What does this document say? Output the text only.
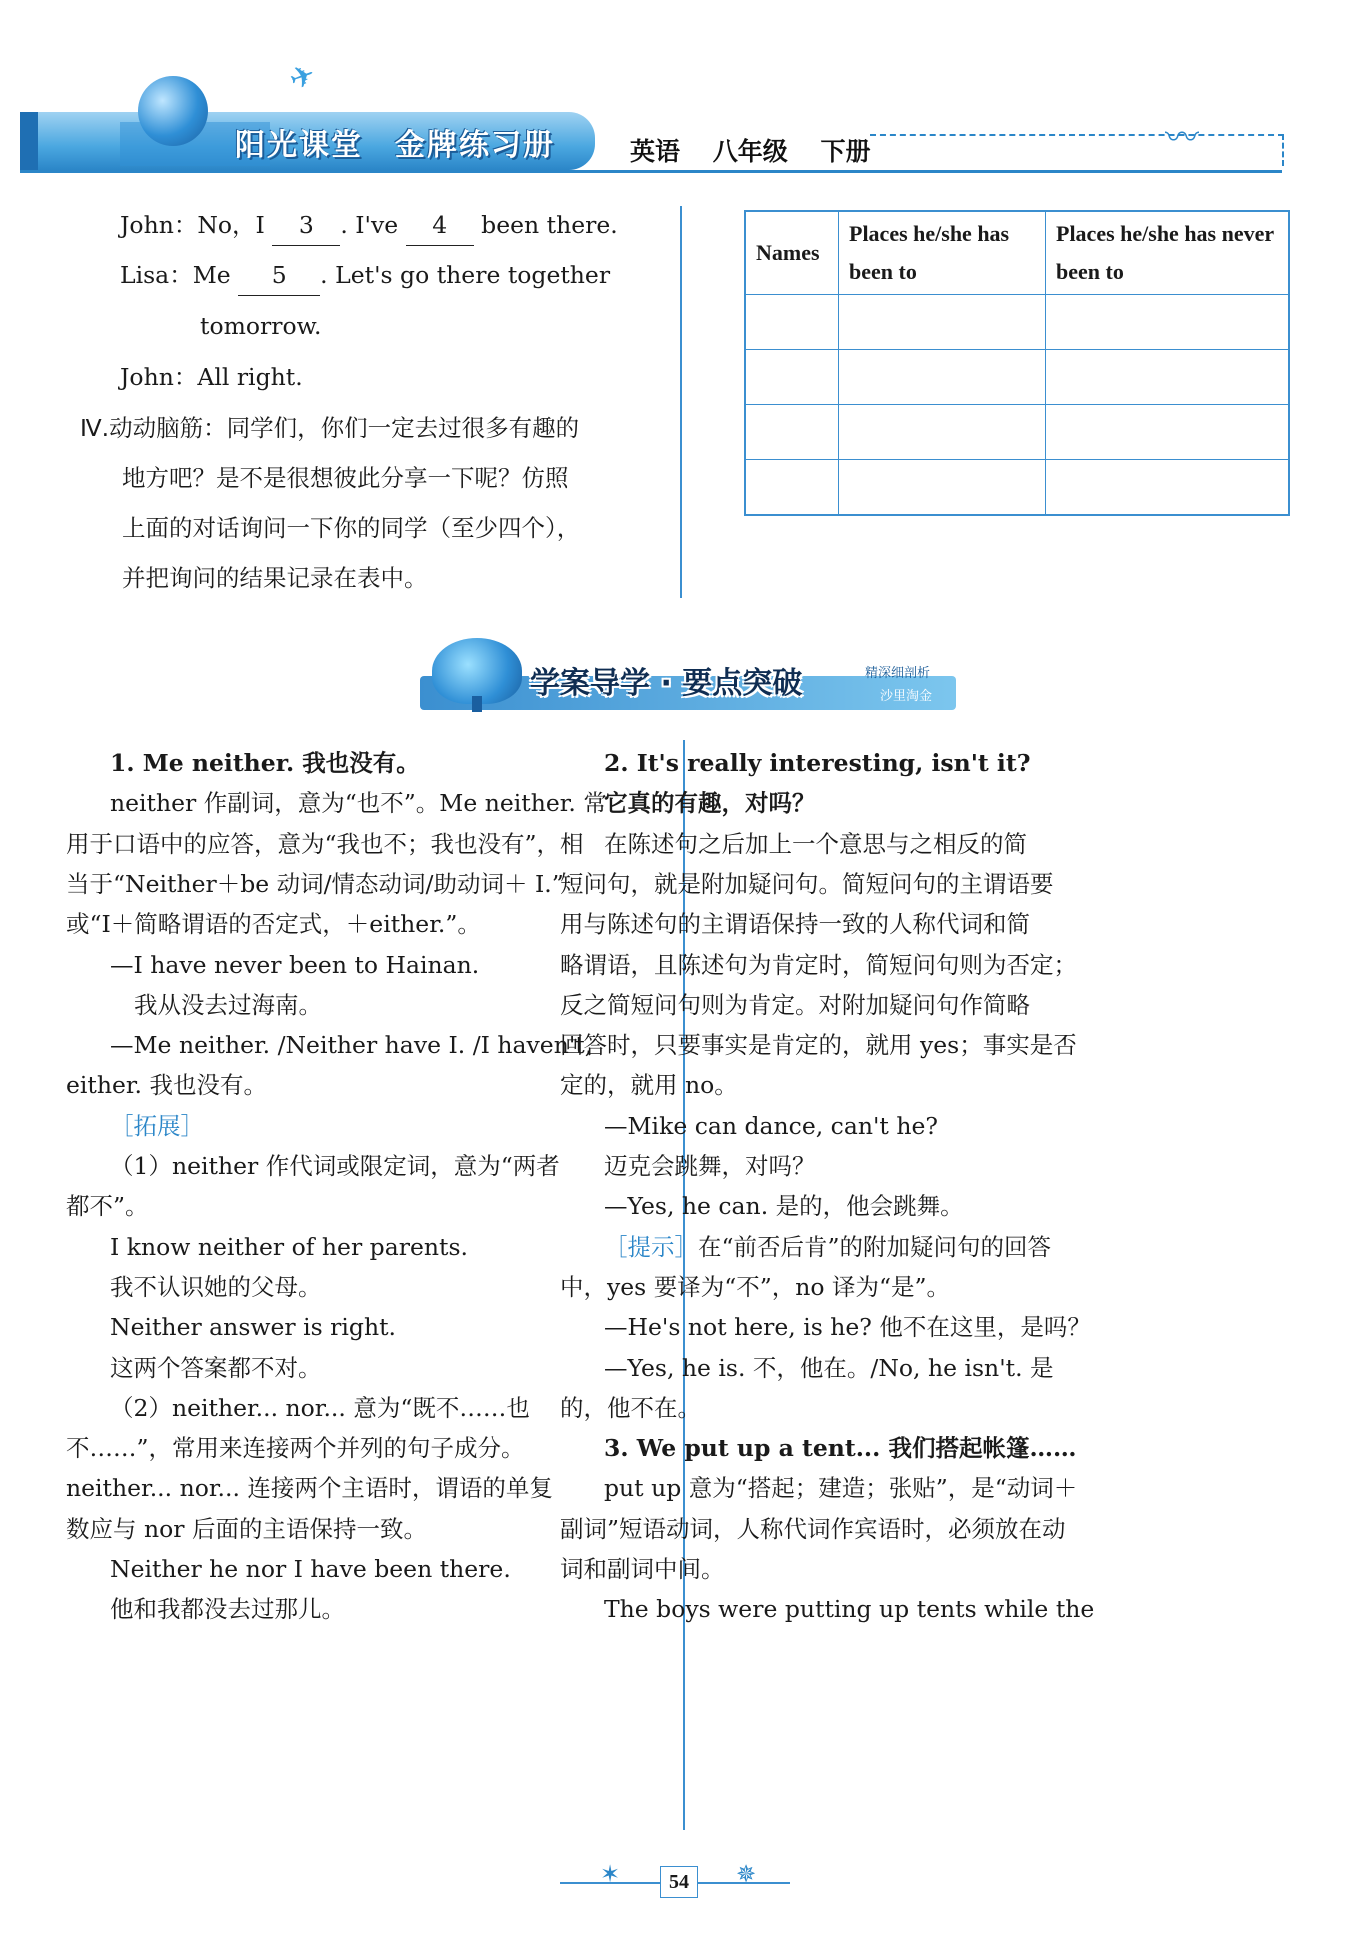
阳光课堂　金牌练习册	英语 八年级 下册
✈
〰
John：No，I 3 . I've 4 been there.
Lisa：Me 5 . Let's go there together
tomorrow.
John：All right.
Ⅳ.动动脑筋：同学们，你们一定去过很多有趣的
地方吧？是不是很想彼此分享一下呢？仿照
上面的对话询问一下你的同学（至少四个），
并把询问的结果记录在表中。
Names	Places he/she has been to	Places he/she has never been to

学案导学 · 要点突破	精深细剖析
沙里淘金
1. Me neither. 我也没有。
neither 作副词，意为“也不”。Me neither. 常
用于口语中的应答，意为“我也不；我也没有”，相
当于“Neither＋be 动词/情态动词/助动词＋ I.”
或“I＋简略谓语的否定式，＋either.”。
—I have never been to Hainan.
我从没去过海南。
—Me neither. /Neither have I. /I haven't,
either. 我也没有。
［拓展］
（1）neither 作代词或限定词，意为“两者
都不”。
I know neither of her parents.
我不认识她的父母。
Neither answer is right.
这两个答案都不对。
（2）neither... nor... 意为“既不……也
不……”，常用来连接两个并列的句子成分。
neither... nor... 连接两个主语时，谓语的单复
数应与 nor 后面的主语保持一致。
Neither he nor I have been there.
他和我都没去过那儿。
2. It's really interesting, isn't it?
它真的有趣，对吗？
在陈述句之后加上一个意思与之相反的简
短问句，就是附加疑问句。简短问句的主谓语要
用与陈述句的主谓语保持一致的人称代词和简
略谓语，且陈述句为肯定时，简短问句则为否定；
反之简短问句则为肯定。对附加疑问句作简略
回答时，只要事实是肯定的，就用 yes；事实是否
定的，就用 no。
—Mike can dance, can't he?
迈克会跳舞，对吗？
—Yes, he can. 是的，他会跳舞。
［提示］在“前否后肯”的附加疑问句的回答
中，yes 要译为“不”，no 译为“是”。
—He's not here, is he? 他不在这里，是吗？
—Yes, he is. 不，他在。/No, he isn't. 是
的，他不在。
3. We put up a tent... 我们搭起帐篷……
put up 意为“搭起；建造；张贴”，是“动词＋
副词”短语动词，人称代词作宾语时，必须放在动
词和副词中间。
The boys were putting up tents while the
✶	54	✵
